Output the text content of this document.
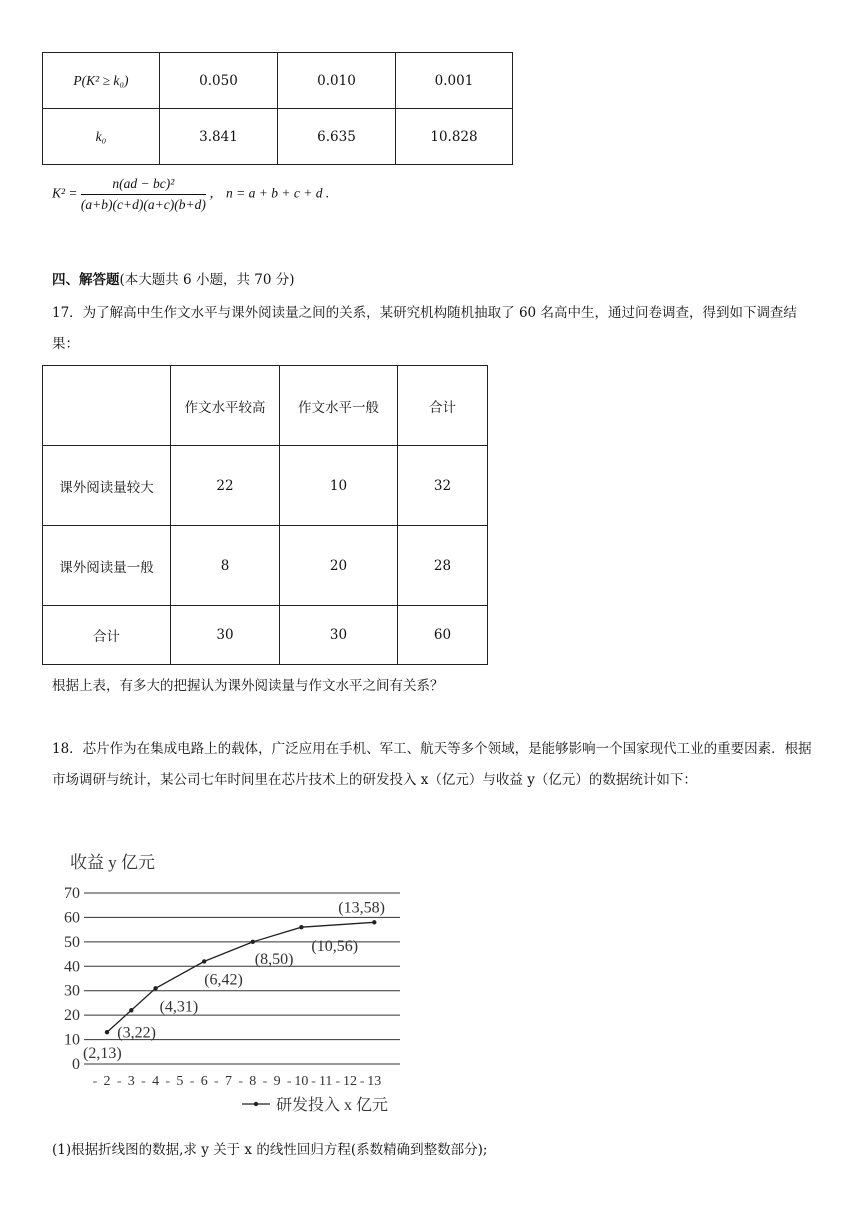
P(K² ≥ k₀)	0.050	0.010	0.001
k₀	3.841	6.635	10.828
$K^2 = \frac{\text{n(ad − bc)²}}{(a+b)(c+d)(a+c)(b+d)}$ ， n = a + b + c + d .
四、解答题(本大题共 6 小题，共 70 分)
17．为了解高中生作文水平与课外阅读量之间的关系，某研究机构随机抽取了 60 名高中生，通过问卷调查，得到如下调查结果：
	作文水平较高	作文水平一般	合计
课外阅读量较大	22	10	32
课外阅读量一般	8	20	28
合计	30	30	60
根据上表，有多大的把握认为课外阅读量与作文水平之间有关系？
18．芯片作为在集成电路上的载体，广泛应用在手机、军工、航天等多个领域，是能够影响一个国家现代工业的重要因素．根据市场调研与统计，某公司七年时间里在芯片技术上的研发投入 x（亿元）与收益 y（亿元）的数据统计如下：
收益 y 亿元
0
10
20
30
40
50
60
70
- 2 - 3 - 4 - 5 - 6 - 7 - 8 - 9 - 10 - 11 - 12 - 13
(2,13)
(3,22)
(4,31)
(6,42)
(8,50)
(10,56)
(13,58)
研发投入 x 亿元
(1)根据折线图的数据,求 y 关于 x 的线性回归方程(系数精确到整数部分);
